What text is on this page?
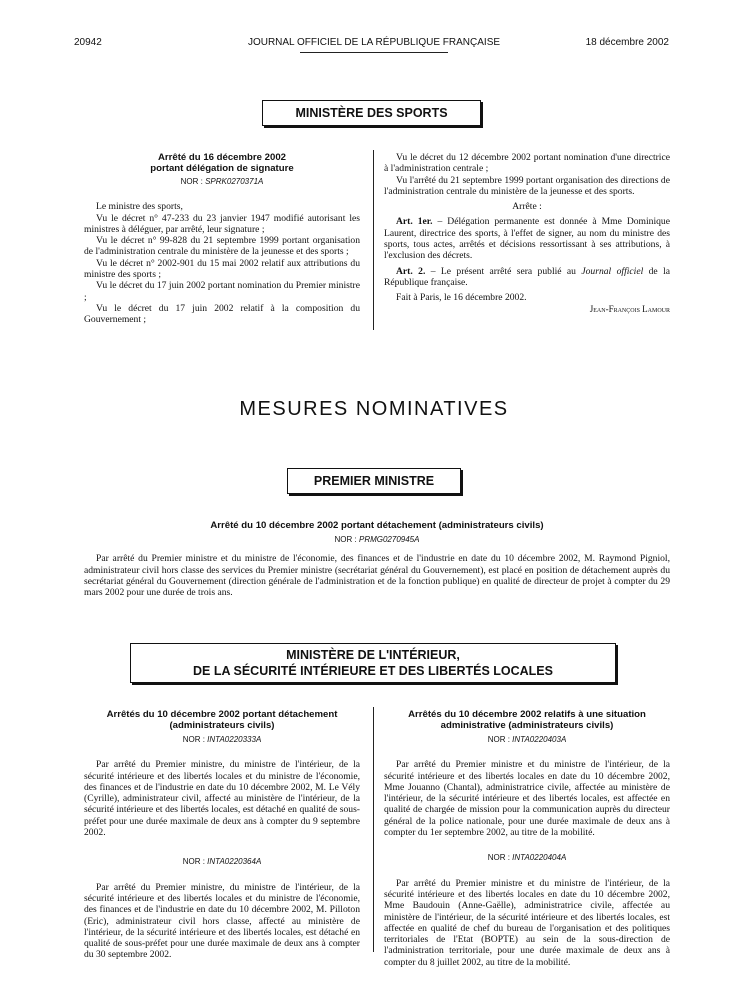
20942	JOURNAL OFFICIEL DE LA RÉPUBLIQUE FRANÇAISE	18 décembre 2002
MINISTÈRE DES SPORTS
Arrêté du 16 décembre 2002
portant délégation de signature
NOR : SPRK0270371A

Le ministre des sports,

Vu le décret n° 47-233 du 23 janvier 1947 modifié autorisant les ministres à déléguer, par arrêté, leur signature ;

Vu le décret n° 99-828 du 21 septembre 1999 portant organisation de l'administration centrale du ministère de la jeunesse et des sports ;

Vu le décret n° 2002-901 du 15 mai 2002 relatif aux attributions du ministre des sports ;

Vu le décret du 17 juin 2002 portant nomination du Premier ministre ;

Vu le décret du 17 juin 2002 relatif à la composition du Gouvernement ;

Vu le décret du 12 décembre 2002 portant nomination d'une directrice à l'administration centrale ;

Vu l'arrêté du 21 septembre 1999 portant organisation des directions de l'administration centrale du ministère de la jeunesse et des sports.

Arrête :

Art. 1er. – Délégation permanente est donnée à Mme Dominique Laurent, directrice des sports, à l'effet de signer, au nom du ministre des sports, tous actes, arrêtés et décisions ressortissant à ses attributions, à l'exclusion des décrets.

Art. 2. – Le présent arrêté sera publié au Journal officiel de la République française.

Fait à Paris, le 16 décembre 2002.

Jean-François Lamour

MESURES NOMINATIVES
PREMIER MINISTRE
Arrêté du 10 décembre 2002 portant détachement (administrateurs civils)
NOR : PRMG0270945A

Par arrêté du Premier ministre et du ministre de l'économie, des finances et de l'industrie en date du 10 décembre 2002, M. Raymond Pigniol, administrateur civil hors classe des services du Premier ministre (secrétariat général du Gouvernement), est placé en position de détachement auprès du secrétariat général du Gouvernement (direction générale de l'administration et de la fonction publique) en qualité de directeur de projet à compter du 29 mars 2002 pour une durée de trois ans.

MINISTÈRE DE L'INTÉRIEUR,
DE LA SÉCURITÉ INTÉRIEURE ET DES LIBERTÉS LOCALES
Arrêtés du 10 décembre 2002 portant détachement
(administrateurs civils)
NOR : INTA0220333A

Par arrêté du Premier ministre, du ministre de l'intérieur, de la sécurité intérieure et des libertés locales et du ministre de l'économie, des finances et de l'industrie en date du 10 décembre 2002, M. Le Vély (Cyrille), administrateur civil, affecté au ministère de l'intérieur, de la sécurité intérieure et des libertés locales, est détaché en qualité de sous-préfet pour une durée maximale de deux ans à compter du 9 septembre 2002.

NOR : INTA0220364A

Par arrêté du Premier ministre, du ministre de l'intérieur, de la sécurité intérieure et des libertés locales et du ministre de l'économie, des finances et de l'industrie en date du 10 décembre 2002, M. Pilloton (Eric), administrateur civil hors classe, affecté au ministère de l'intérieur, de la sécurité intérieure et des libertés locales, est détaché en qualité de sous-préfet pour une durée maximale de deux ans à compter du 30 septembre 2002.

Arrêtés du 10 décembre 2002 relatifs à une situation
administrative (administrateurs civils)
NOR : INTA0220403A

Par arrêté du Premier ministre et du ministre de l'intérieur, de la sécurité intérieure et des libertés locales en date du 10 décembre 2002, Mme Jouanno (Chantal), administratrice civile, affectée au ministère de l'intérieur, de la sécurité intérieure et des libertés locales, est affectée en qualité de chargée de mission pour la communication auprès du directeur général de la police nationale, pour une durée maximale de deux ans à compter du 1er septembre 2002, au titre de la mobilité.

NOR : INTA0220404A

Par arrêté du Premier ministre et du ministre de l'intérieur, de la sécurité intérieure et des libertés locales en date du 10 décembre 2002, Mme Baudouin (Anne-Gaëlle), administratrice civile, affectée au ministère de l'intérieur, de la sécurité intérieure et des libertés locales, est affectée en qualité de chef du bureau de l'organisation et des politiques territoriales de l'Etat (BOPTE) au sein de la sous-direction de l'administration territoriale, pour une durée maximale de deux ans à compter du 8 juillet 2002, au titre de la mobilité.
